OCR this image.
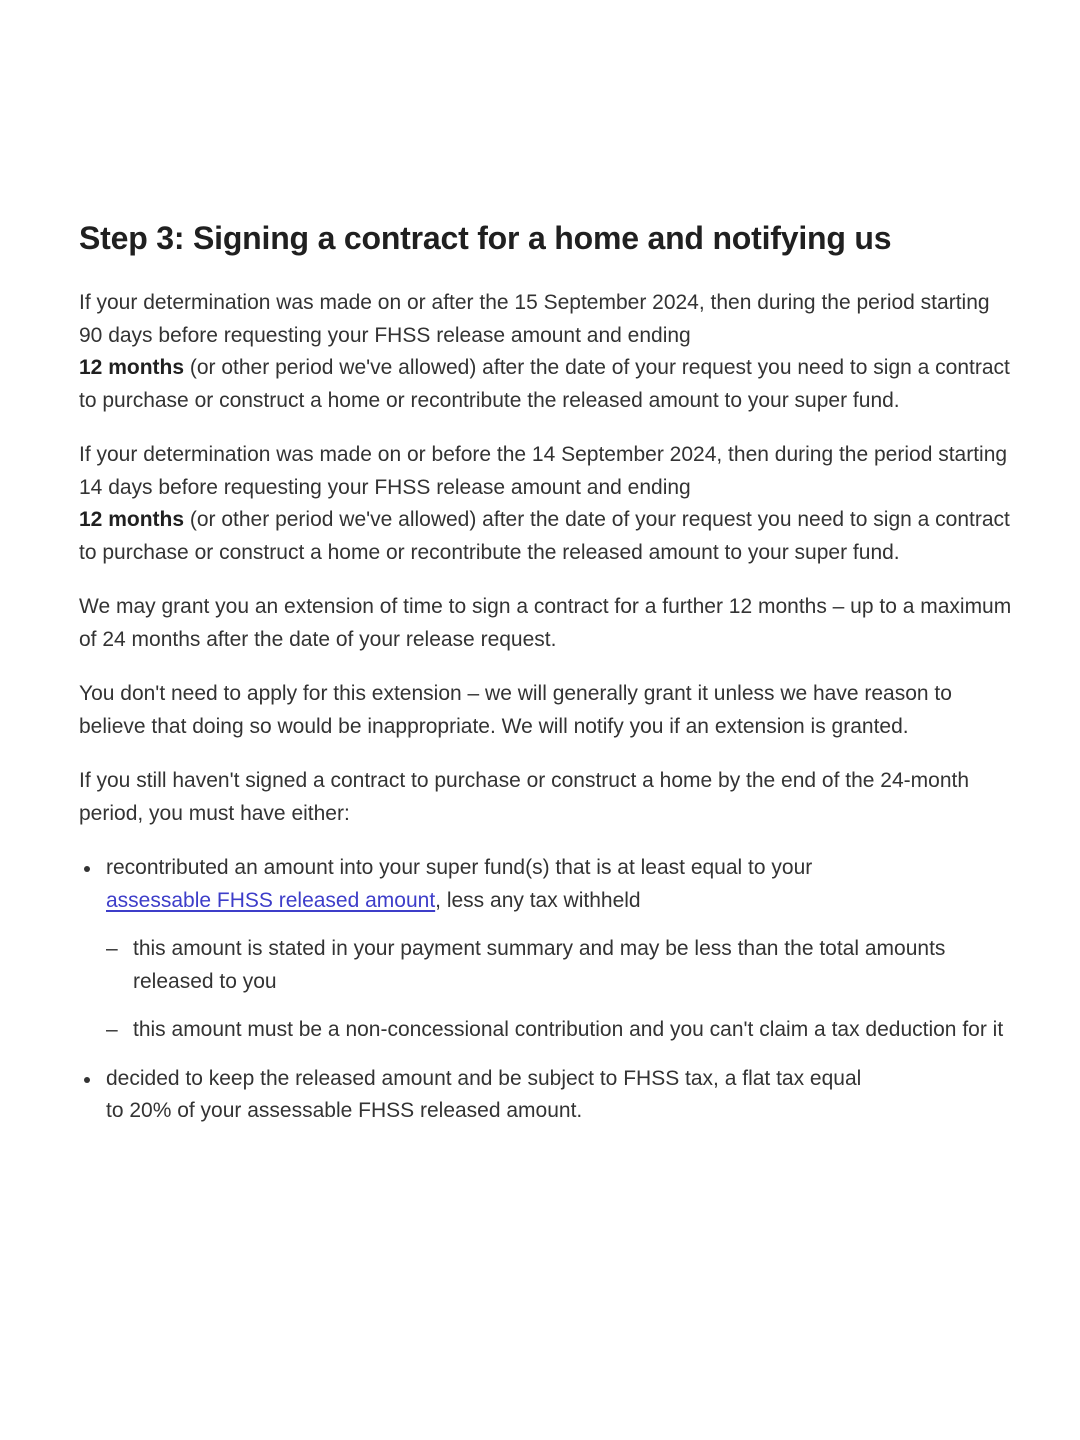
Step 3: Signing a contract for a home and notifying us

If your determination was made on or after the 15 September 2024, then during the period starting 90 days before requesting your FHSS release amount and ending
12 months (or other period we've allowed) after the date of your request you need to sign a contract to purchase or construct a home or recontribute the released amount to your super fund.

If your determination was made on or before the 14 September 2024, then during the period starting 14 days before requesting your FHSS release amount and ending
12 months (or other period we've allowed) after the date of your request you need to sign a contract to purchase or construct a home or recontribute the released amount to your super fund.

We may grant you an extension of time to sign a contract for a further 12 months – up to a maximum of 24 months after the date of your release request.

You don't need to apply for this extension – we will generally grant it unless we have reason to believe that doing so would be inappropriate. We will notify you if an extension is granted.

If you still haven't signed a contract to purchase or construct a home by the end of the 24-month period, you must have either:

recontributed an amount into your super fund(s) that is at least equal to your
assessable FHSS released amount, less any tax withheld
– this amount is stated in your payment summary and may be less than the total amounts released to you
– this amount must be a non-concessional contribution and you can't claim a tax deduction for it
decided to keep the released amount and be subject to FHSS tax, a flat tax equal
to 20% of your assessable FHSS released amount.
